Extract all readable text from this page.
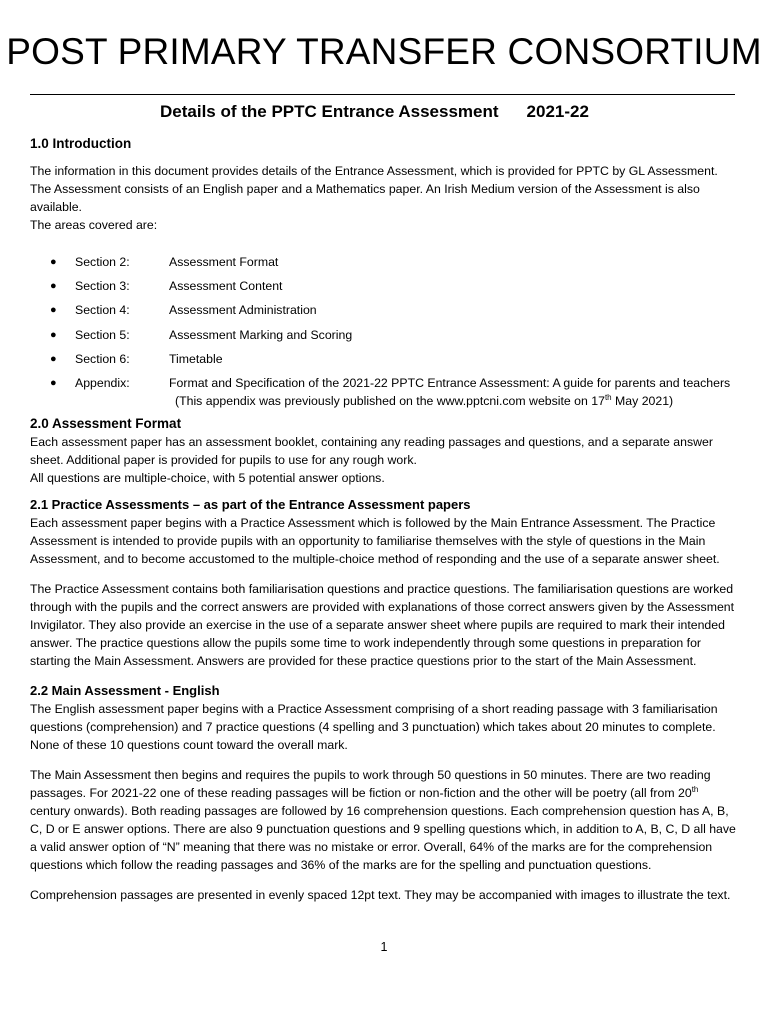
POST PRIMARY TRANSFER CONSORTIUM
Details of the PPTC Entrance Assessment 2021-22
1.0 Introduction

The information in this document provides details of the Entrance Assessment, which is provided for PPTC by GL Assessment. The Assessment consists of an English paper and a Mathematics paper. An Irish Medium version of the Assessment is also available.

The areas covered are:

● Section 2:	Assessment Format
● Section 3:	Assessment Content
● Section 4:	Assessment Administration
● Section 5:	Assessment Marking and Scoring
● Section 6:	Timetable
● Appendix:	Format and Specification of the 2021-22 PPTC Entrance Assessment: A guide for parents and teachers
(This appendix was previously published on the www.pptcni.com website on 17th May 2021)
2.0 Assessment Format

Each assessment paper has an assessment booklet, containing any reading passages and questions, and a separate answer sheet. Additional paper is provided for pupils to use for any rough work.

All questions are multiple-choice, with 5 potential answer options.

2.1 Practice Assessments – as part of the Entrance Assessment papers

Each assessment paper begins with a Practice Assessment which is followed by the Main Entrance Assessment. The Practice Assessment is intended to provide pupils with an opportunity to familiarise themselves with the style of questions in the Main Assessment, and to become accustomed to the multiple-choice method of responding and the use of a separate answer sheet.

The Practice Assessment contains both familiarisation questions and practice questions. The familiarisation questions are worked through with the pupils and the correct answers are provided with explanations of those correct answers given by the Assessment Invigilator. They also provide an exercise in the use of a separate answer sheet where pupils are required to mark their intended answer. The practice questions allow the pupils some time to work independently through some questions in preparation for starting the Main Assessment. Answers are provided for these practice questions prior to the start of the Main Assessment.

2.2 Main Assessment - English

The English assessment paper begins with a Practice Assessment comprising of a short reading passage with 3 familiarisation questions (comprehension) and 7 practice questions (4 spelling and 3 punctuation) which takes about 20 minutes to complete. None of these 10 questions count toward the overall mark.

The Main Assessment then begins and requires the pupils to work through 50 questions in 50 minutes. There are two reading passages. For 2021-22 one of these reading passages will be fiction or non-fiction and the other will be poetry (all from 20th century onwards). Both reading passages are followed by 16 comprehension questions. Each comprehension question has A, B, C, D or E answer options. There are also 9 punctuation questions and 9 spelling questions which, in addition to A, B, C, D all have a valid answer option of “N” meaning that there was no mistake or error. Overall, 64% of the marks are for the comprehension questions which follow the reading passages and 36% of the marks are for the spelling and punctuation questions.

Comprehension passages are presented in evenly spaced 12pt text. They may be accompanied with images to illustrate the text.

1
